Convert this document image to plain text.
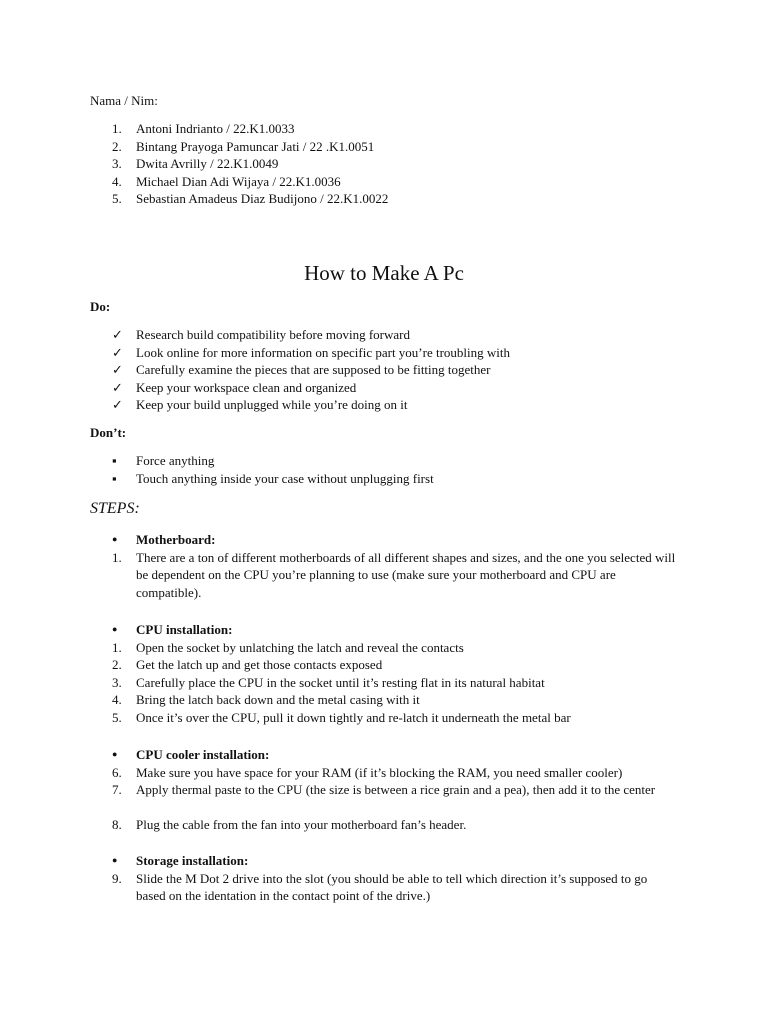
Nama / Nim:
1.	Antoni Indrianto / 22.K1.0033
2.	Bintang Prayoga Pamuncar Jati / 22 .K1.0051
3.	Dwita Avrilly / 22.K1.0049
4.	Michael Dian Adi Wijaya / 22.K1.0036
5.	Sebastian Amadeus Diaz Budijono / 22.K1.0022
How to Make A Pc
Do:
✓	Research build compatibility before moving forward
✓	Look online for more information on specific part you’re troubling with
✓	Carefully examine the pieces that are supposed to be fitting together
✓	Keep your workspace clean and organized
✓	Keep your build unplugged while you’re doing on it
Don’t:
▪	Force anything
▪	Touch anything inside your case without unplugging first
STEPS:
●	Motherboard:
1.	There are a ton of different motherboards of all different shapes and sizes, and the one you selected will be dependent on the CPU you’re planning to use (make sure your motherboard and CPU are compatible).
●	CPU installation:
1.	Open the socket by unlatching the latch and reveal the contacts
2.	Get the latch up and get those contacts exposed
3.	Carefully place the CPU in the socket until it’s resting flat in its natural habitat
4.	Bring the latch back down and the metal casing with it
5.	Once it’s over the CPU, pull it down tightly and re-latch it underneath the metal bar
●	CPU cooler installation:
6.	Make sure you have space for your RAM (if it’s blocking the RAM, you need smaller cooler)
7.	Apply thermal paste to the CPU (the size is between a rice grain and a pea), then add it to the center
8.	Plug the cable from the fan into your motherboard fan’s header.
●	Storage installation:
9.	Slide the M Dot 2 drive into the slot (you should be able to tell which direction it’s supposed to go based on the identation in the contact point of the drive.)
